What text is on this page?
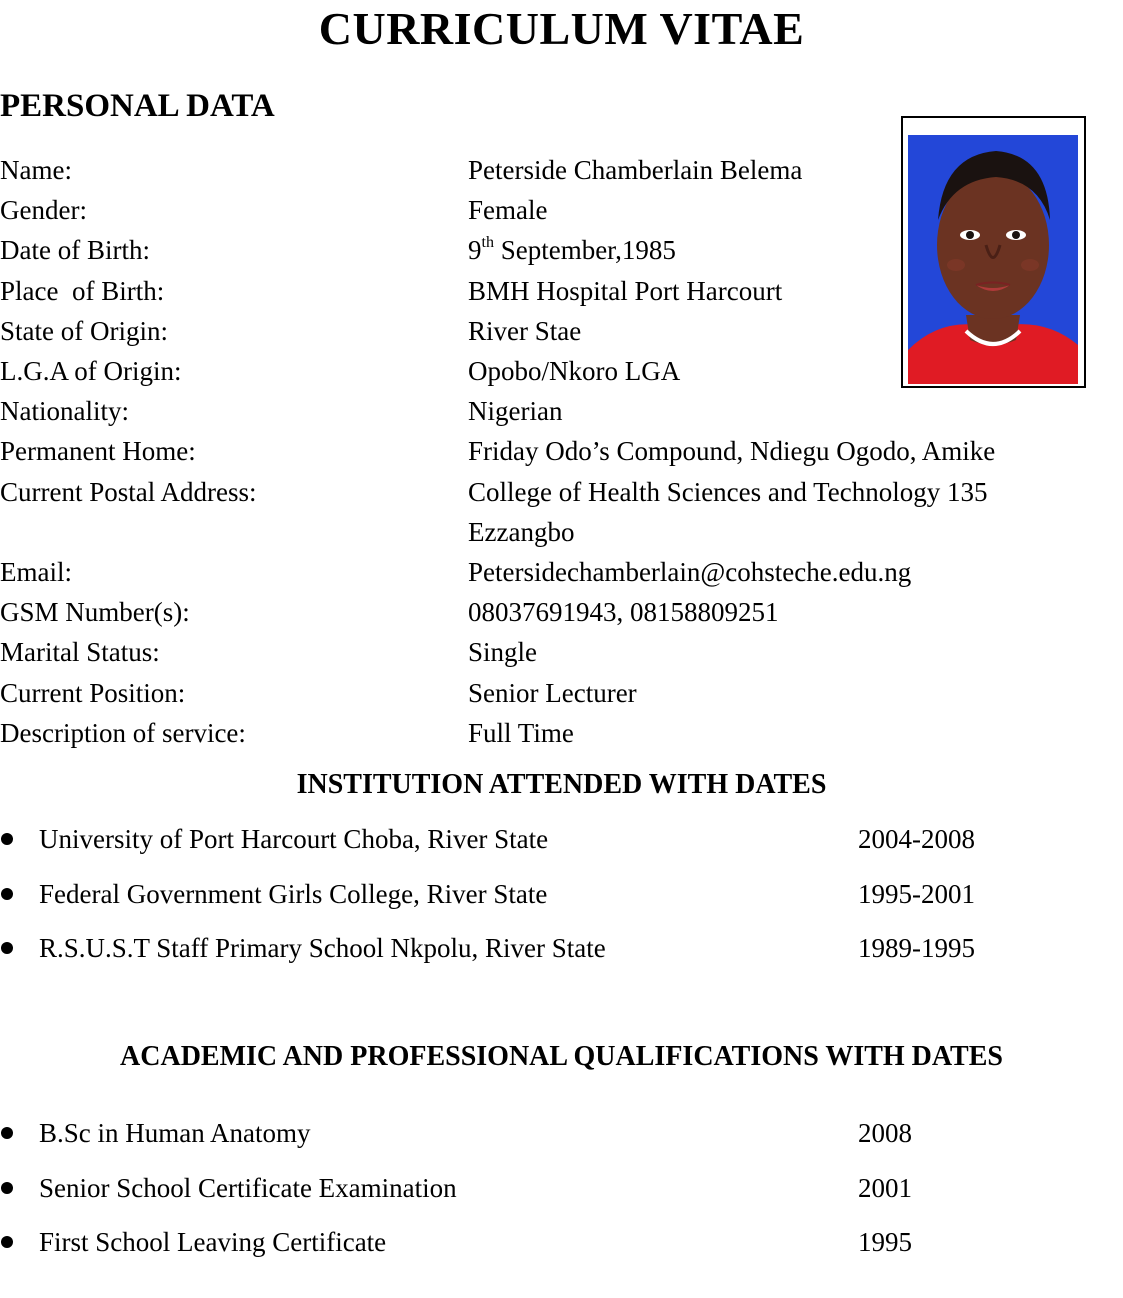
CURRICULUM VITAE
PERSONAL DATA
Name:	Peterside Chamberlain Belema
Gender:	Female
Date of Birth:	9th September,1985
Place  of Birth:	BMH Hospital Port Harcourt
State of Origin:	River Stae
L.G.A of Origin:	Opobo/Nkoro LGA
Nationality:	Nigerian
Permanent Home:	Friday Odo’s Compound, Ndiegu Ogodo, Amike
Current Postal Address:	College of Health Sciences and Technology 135
Ezzangbo
Email:	Petersidechamberlain@cohsteche.edu.ng
GSM Number(s):	08037691943, 08158809251
Marital Status:	Single
Current Position:	Senior Lecturer
Description of service:	Full Time
INSTITUTION ATTENDED WITH DATES
University of Port Harcourt Choba, River State	2004-2008
Federal Government Girls College, River State	1995-2001
R.S.U.S.T Staff Primary School Nkpolu, River State	1989-1995
ACADEMIC AND PROFESSIONAL QUALIFICATIONS WITH DATES
B.Sc in Human Anatomy	2008
Senior School Certificate Examination	2001
First School Leaving Certificate	1995
